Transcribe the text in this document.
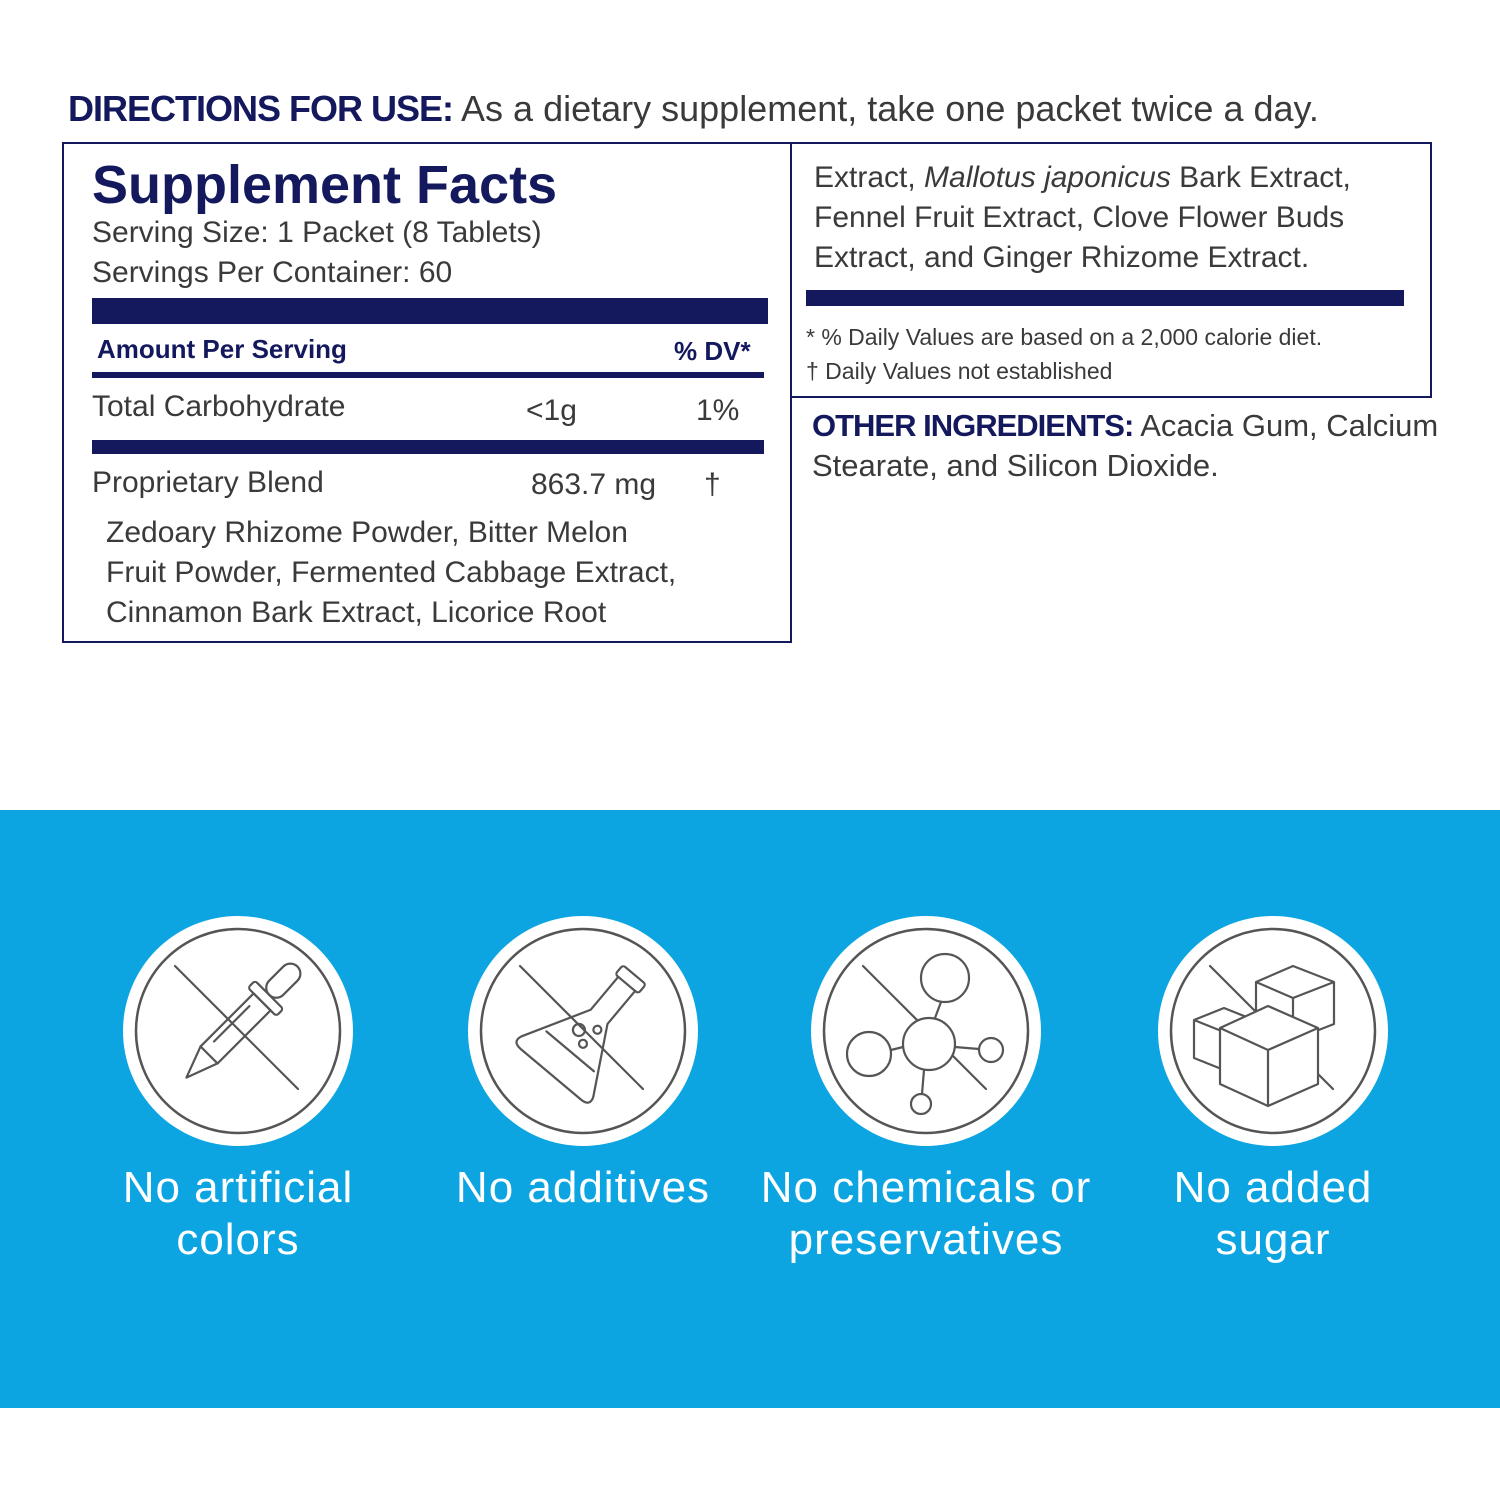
DIRECTIONS FOR USE: As a dietary supplement, take one packet twice a day.
Supplement Facts
Serving Size: 1 Packet (8 Tablets)
Servings Per Container: 60
Amount Per Serving	% DV*
Total Carbohydrate	<1g	1%
Proprietary Blend	863.7 mg †
Zedoary Rhizome Powder, Bitter Melon
Fruit Powder, Fermented Cabbage Extract,
Cinnamon Bark Extract, Licorice Root
Extract, Mallotus japonicus Bark Extract, Fennel Fruit Extract, Clove Flower Buds Extract, and Ginger Rhizome Extract.
* % Daily Values are based on a 2,000 calorie diet.
† Daily Values not established
OTHER INGREDIENTS: Acacia Gum, Calcium Stearate, and Silicon Dioxide.
No artificial
colors
No additives	No chemicals or
preservatives
No added
sugar
